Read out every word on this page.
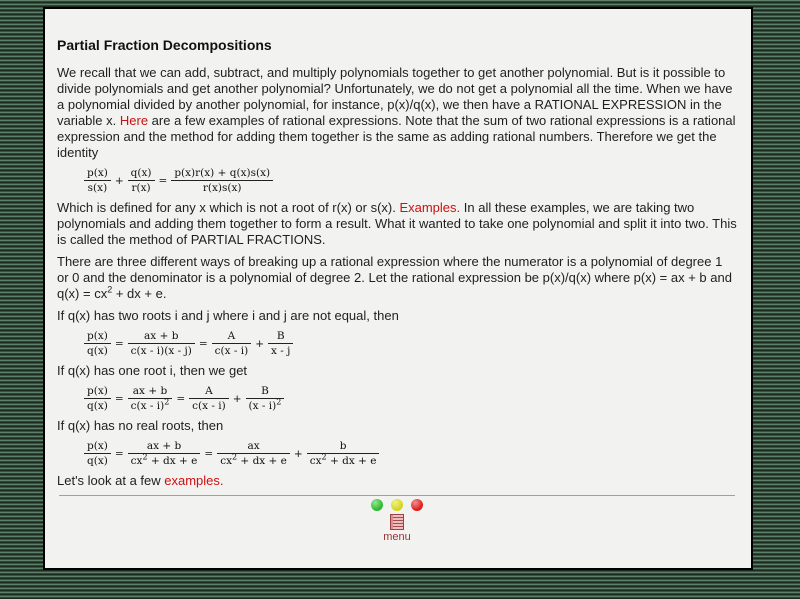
Partial Fraction Decompositions

We recall that we can add, subtract, and multiply polynomials together to get another polynomial. But is it possible to divide polynomials and get another polynomial? Unfortunately, we do not get a polynomial all the time. When we have a polynomial divided by another polynomial, for instance, p(x)/q(x), we then have a RATIONAL EXPRESSION in the variable x. Here are a few examples of rational expressions. Note that the sum of two rational expressions is a rational expression and the method for adding them together is the same as adding rational numbers. Therefore we get the identity

$\frac{p(x)}{s(x)} + \frac{q(x)}{r(x)} = \frac{p(x)r(x) + q(x)s(x)}{r(x)s(x)}$

Which is defined for any x which is not a root of r(x) or s(x). Examples. In all these examples, we are taking two polynomials and adding them together to form a result. What it wanted to take one polynomial and split it into two. This is called the method of PARTIAL FRACTIONS.

There are three different ways of breaking up a rational expression where the numerator is a polynomial of degree 1 or 0 and the denominator is a polynomial of degree 2. Let the rational expression be p(x)/q(x) where p(x) = ax + b and $q(x) = cx^2$ + dx + e.

If q(x) has two roots i and j where i and j are not equal, then

$\frac{p(x)}{q(x)} = \frac{ax + b}{c(x - i)(x - j)} = \frac{A}{c(x - i)} + \frac{B}{x - j}$

If q(x) has one root i, then we get

$\frac{p(x)}{q(x)} = \frac{ax + b}{c(x - i)^2} = \frac{A}{c(x - i)} + \frac{B}{(x - i)^2}$

If q(x) has no real roots, then

$\frac{p(x)}{q(x)} = \frac{ax + b}{cx^2 + dx + e} = \frac{ax}{cx^2 + dx + e} + \frac{b}{cx^2 + dx + e}$

Let's look at a few examples.

menu
